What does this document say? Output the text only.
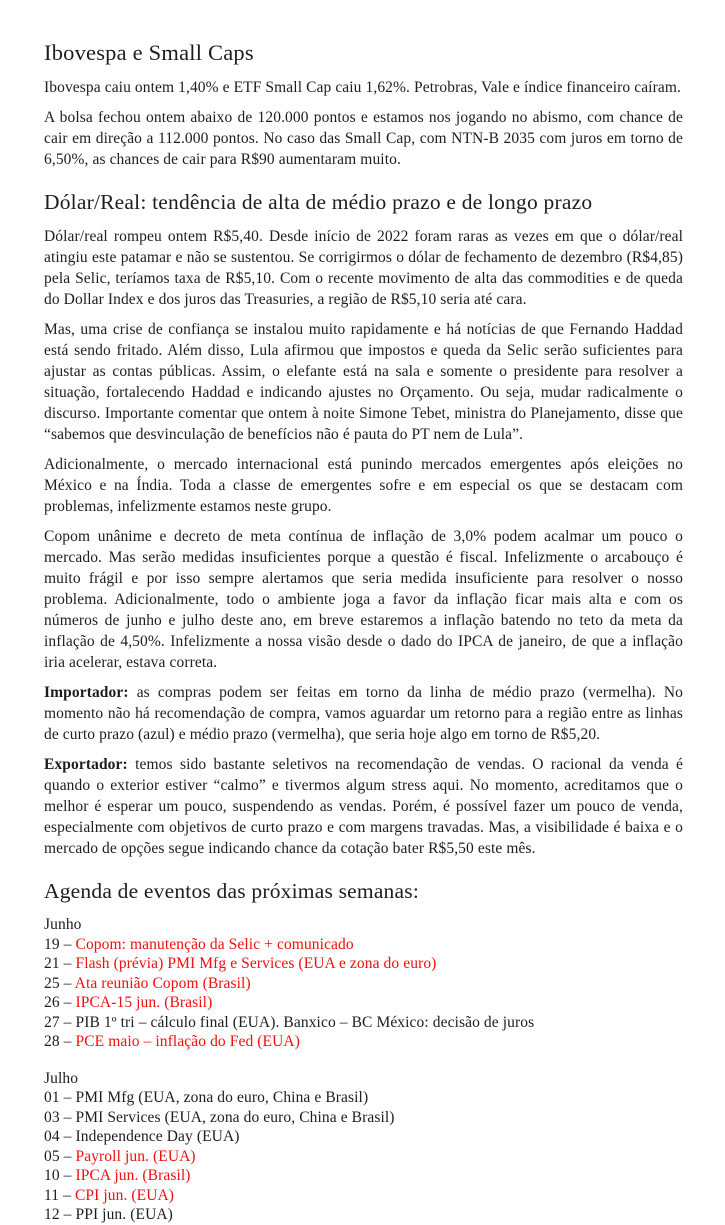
Ibovespa e Small Caps

Ibovespa caiu ontem 1,40% e ETF Small Cap caiu 1,62%. Petrobras, Vale e índice financeiro caíram.

A bolsa fechou ontem abaixo de 120.000 pontos e estamos nos jogando no abismo, com chance de cair em direção a 112.000 pontos. No caso das Small Cap, com NTN-B 2035 com juros em torno de 6,50%, as chances de cair para R$90 aumentaram muito.

Dólar/Real: tendência de alta de médio prazo e de longo prazo

Dólar/real rompeu ontem R$5,40. Desde início de 2022 foram raras as vezes em que o dólar/real atingiu este patamar e não se sustentou. Se corrigirmos o dólar de fechamento de dezembro (R$4,85) pela Selic, teríamos taxa de R$5,10. Com o recente movimento de alta das commodities e de queda do Dollar Index e dos juros das Treasuries, a região de R$5,10 seria até cara.

Mas, uma crise de confiança se instalou muito rapidamente e há notícias de que Fernando Haddad está sendo fritado. Além disso, Lula afirmou que impostos e queda da Selic serão suficientes para ajustar as contas públicas. Assim, o elefante está na sala e somente o presidente para resolver a situação, fortalecendo Haddad e indicando ajustes no Orçamento. Ou seja, mudar radicalmente o discurso. Importante comentar que ontem à noite Simone Tebet, ministra do Planejamento, disse que “sabemos que desvinculação de benefícios não é pauta do PT nem de Lula”.

Adicionalmente, o mercado internacional está punindo mercados emergentes após eleições no México e na Índia. Toda a classe de emergentes sofre e em especial os que se destacam com problemas, infelizmente estamos neste grupo.

Copom unânime e decreto de meta contínua de inflação de 3,0% podem acalmar um pouco o mercado. Mas serão medidas insuficientes porque a questão é fiscal. Infelizmente o arcabouço é muito frágil e por isso sempre alertamos que seria medida insuficiente para resolver o nosso problema. Adicionalmente, todo o ambiente joga a favor da inflação ficar mais alta e com os números de junho e julho deste ano, em breve estaremos a inflação batendo no teto da meta da inflação de 4,50%. Infelizmente a nossa visão desde o dado do IPCA de janeiro, de que a inflação iria acelerar, estava correta.

Importador: as compras podem ser feitas em torno da linha de médio prazo (vermelha). No momento não há recomendação de compra, vamos aguardar um retorno para a região entre as linhas de curto prazo (azul) e médio prazo (vermelha), que seria hoje algo em torno de R$5,20.

Exportador: temos sido bastante seletivos na recomendação de vendas. O racional da venda é quando o exterior estiver “calmo” e tivermos algum stress aqui. No momento, acreditamos que o melhor é esperar um pouco, suspendendo as vendas. Porém, é possível fazer um pouco de venda, especialmente com objetivos de curto prazo e com margens travadas. Mas, a visibilidade é baixa e o mercado de opções segue indicando chance da cotação bater R$5,50 este mês.

Agenda de eventos das próximas semanas:
Junho
19 – Copom: manutenção da Selic + comunicado
21 – Flash (prévia) PMI Mfg e Services (EUA e zona do euro)
25 – Ata reunião Copom (Brasil)
26 – IPCA-15 jun. (Brasil)
27 – PIB 1º tri – cálculo final (EUA). Banxico – BC México: decisão de juros
28 – PCE maio – inflação do Fed (EUA)
Julho
01 – PMI Mfg (EUA, zona do euro, China e Brasil)
03 – PMI Services (EUA, zona do euro, China e Brasil)
04 – Independence Day (EUA)
05 – Payroll jun. (EUA)
10 – IPCA jun. (Brasil)
11 – CPI jun. (EUA)
12 – PPI jun. (EUA)
